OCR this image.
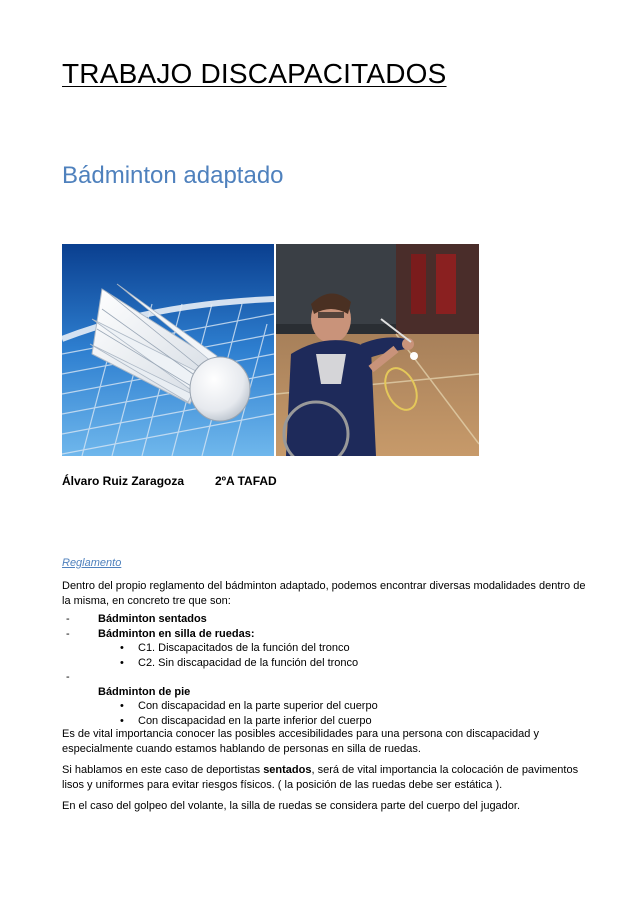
TRABAJO DISCAPACITADOS
Bádminton adaptado
Álvaro Ruiz Zaragoza	2ºA TAFAD
Reglamento
Dentro del propio reglamento del bádminton adaptado, podemos encontrar diversas modalidades dentro de
la misma, en concreto tre que son:
-	Bádminton sentados
-	Bádminton en silla de ruedas:
• C1. Discapacitados de la función del tronco
• C2. Sin discapacidad de la función del tronco
-
Bádminton de pie
• Con discapacidad en la parte superior del cuerpo
• Con discapacidad en la parte inferior del cuerpo
Es de vital importancia conocer las posibles accesibilidades para una persona con discapacidad y
especialmente cuando estamos hablando de personas en silla de ruedas.
Si hablamos en este caso de deportistas sentados, será de vital importancia la colocación de pavimentos
lisos y uniformes para evitar riesgos físicos. ( la posición de las ruedas debe ser estática ).
En el caso del golpeo del volante, la silla de ruedas se considera parte del cuerpo del jugador.
